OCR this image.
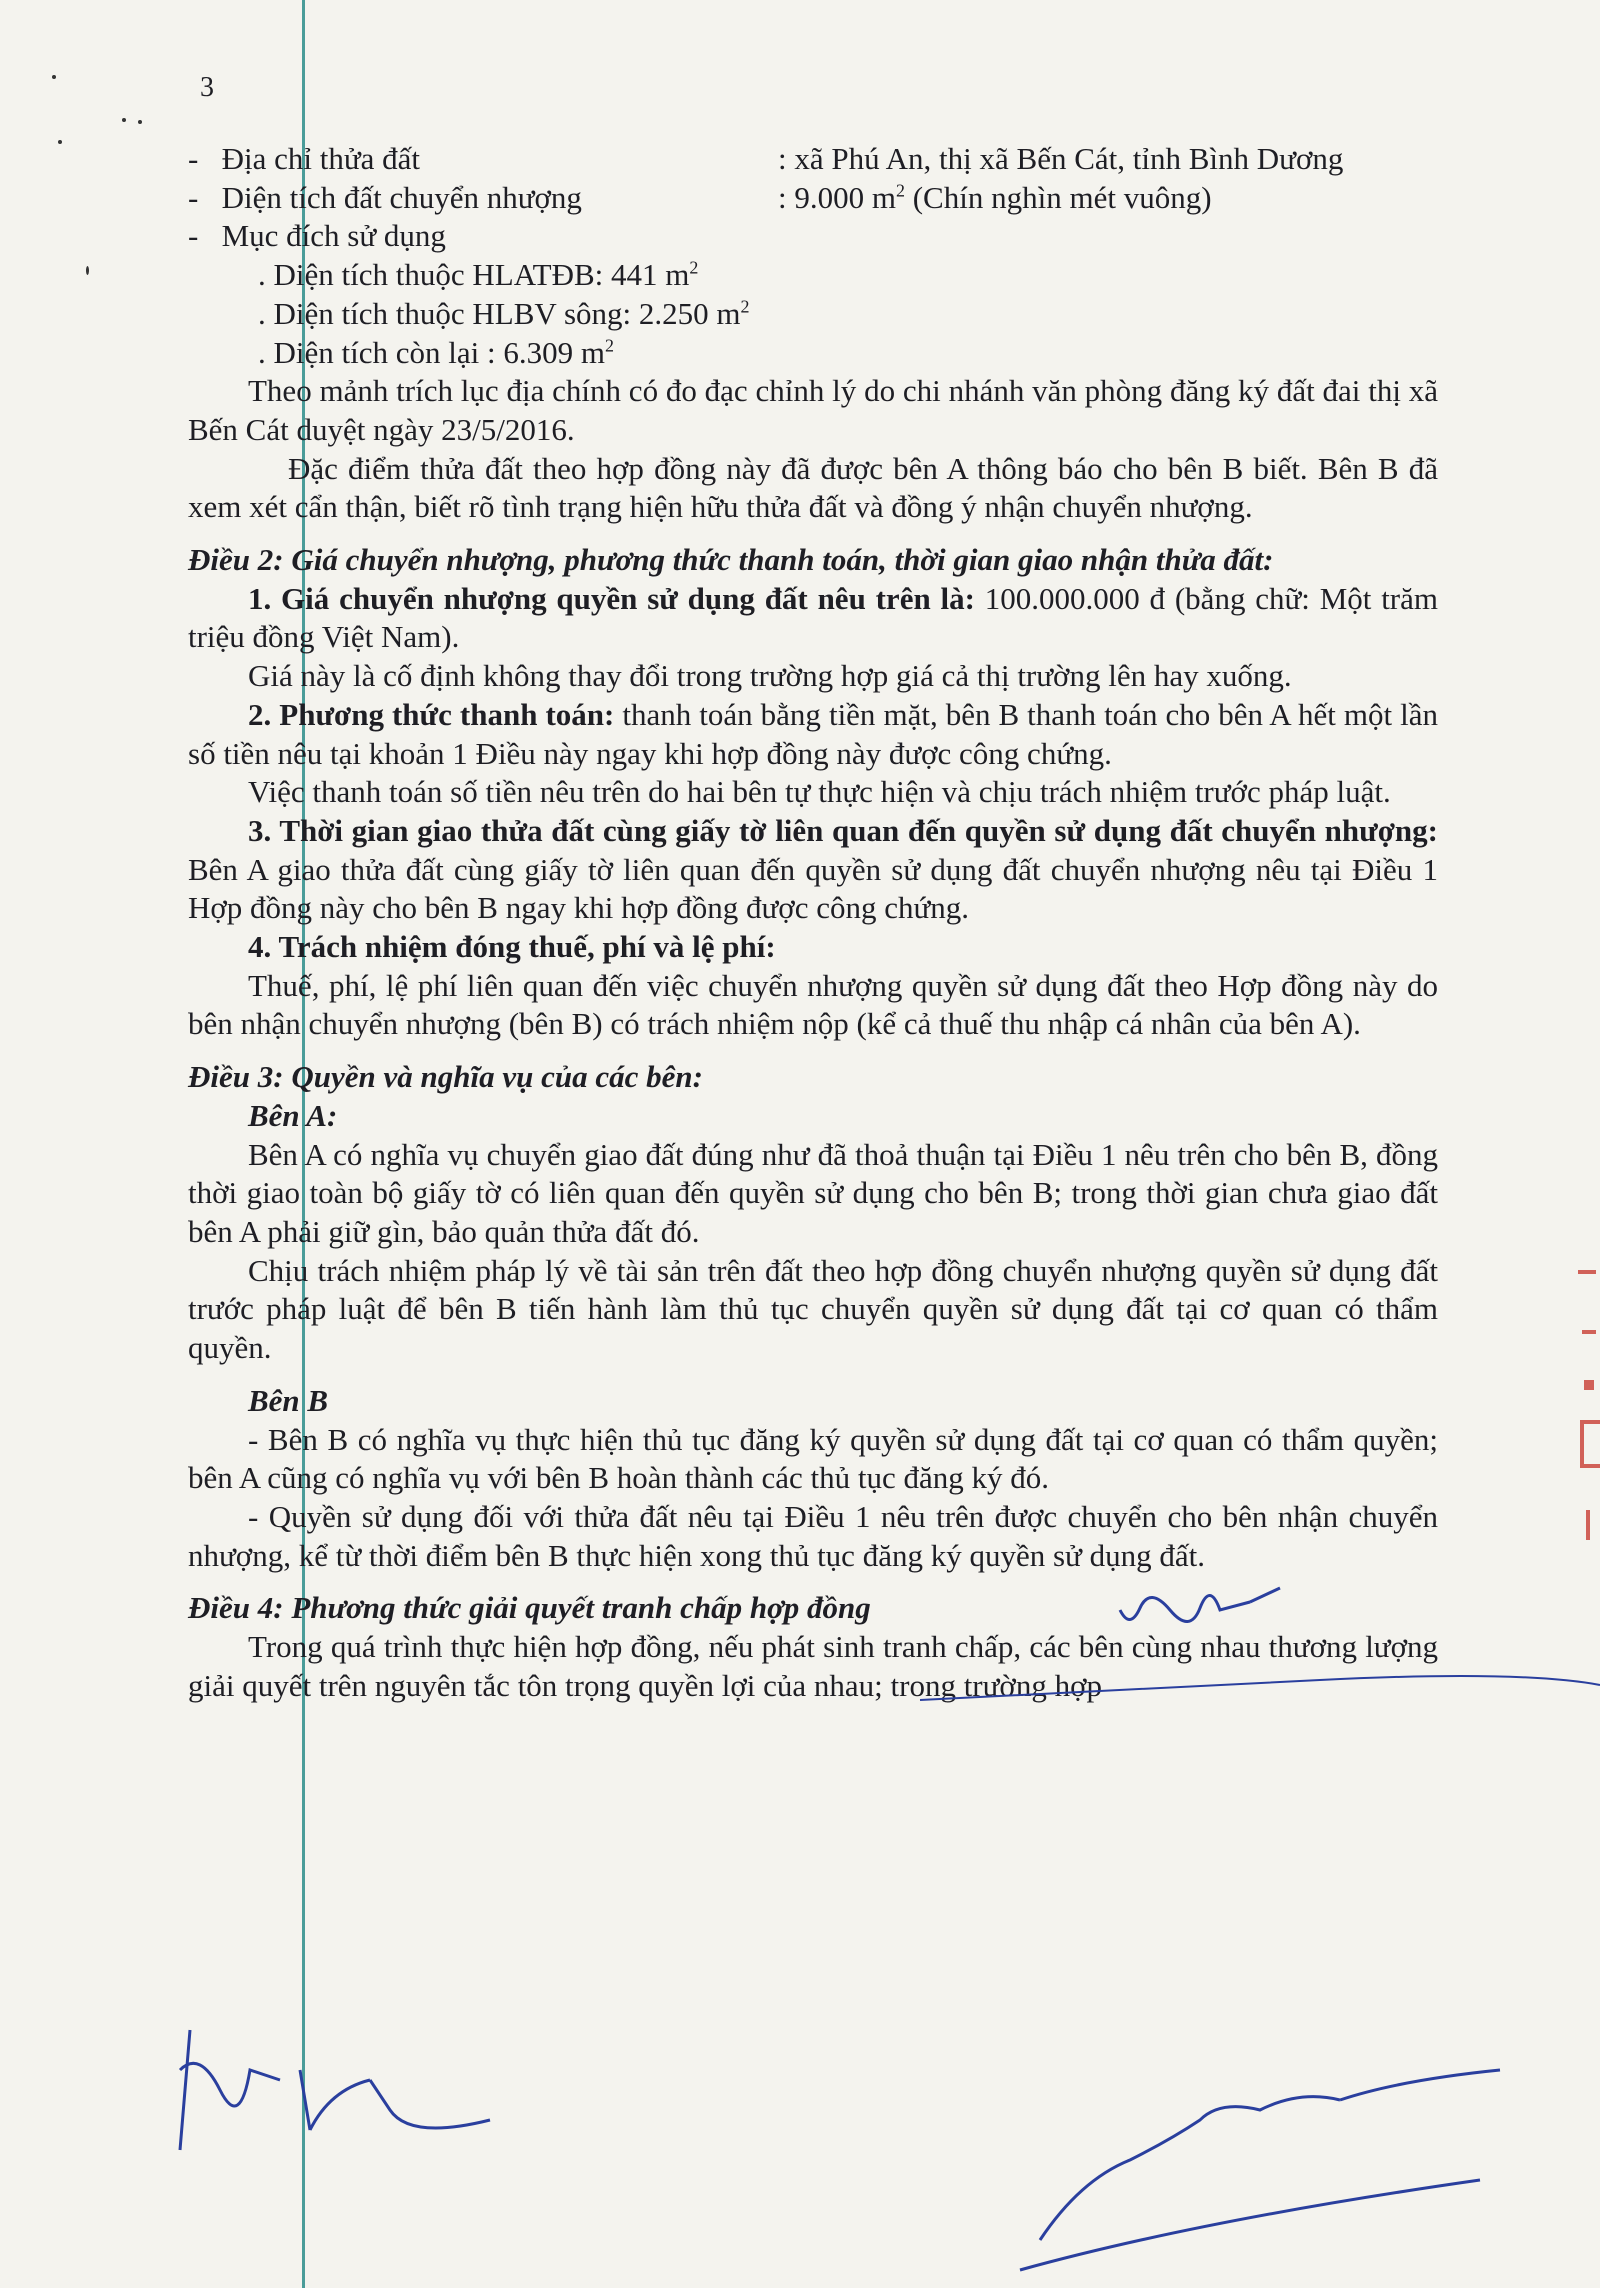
3
- Địa chỉ thửa đất	: xã Phú An, thị xã Bến Cát, tỉnh Bình Dương
- Diện tích đất chuyển nhượng	: 9.000 $m^2$ (Chín nghìn mét vuông)
- Mục đích sử dụng

. Diện tích thuộc HLATĐB: 441 $m^2$

. Diện tích thuộc HLBV sông: 2.250 $m^2$

. Diện tích còn lại : 6.309 $m^2$

Theo mảnh trích lục địa chính có đo đạc chỉnh lý do chi nhánh văn phòng đăng ký đất đai thị xã Bến Cát duyệt ngày 23/5/2016.

Đặc điểm thửa đất theo hợp đồng này đã được bên A thông báo cho bên B biết. Bên B đã xem xét cẩn thận, biết rõ tình trạng hiện hữu thửa đất và đồng ý nhận chuyển nhượng.

Điều 2: Giá chuyển nhượng, phương thức thanh toán, thời gian giao nhận thửa đất:

1. Giá chuyển nhượng quyền sử dụng đất nêu trên là: 100.000.000 đ (bằng chữ: Một trăm triệu đồng Việt Nam).

Giá này là cố định không thay đổi trong trường hợp giá cả thị trường lên hay xuống.

2. Phương thức thanh toán: thanh toán bằng tiền mặt, bên B thanh toán cho bên A hết một lần số tiền nêu tại khoản 1 Điều này ngay khi hợp đồng này được công chứng.

Việc thanh toán số tiền nêu trên do hai bên tự thực hiện và chịu trách nhiệm trước pháp luật.

3. Thời gian giao thửa đất cùng giấy tờ liên quan đến quyền sử dụng đất chuyển nhượng: Bên A giao thửa đất cùng giấy tờ liên quan đến quyền sử dụng đất chuyển nhượng nêu tại Điều 1 Hợp đồng này cho bên B ngay khi hợp đồng được công chứng.

4. Trách nhiệm đóng thuế, phí và lệ phí:

Thuế, phí, lệ phí liên quan đến việc chuyển nhượng quyền sử dụng đất theo Hợp đồng này do bên nhận chuyển nhượng (bên B) có trách nhiệm nộp (kể cả thuế thu nhập cá nhân của bên A).

Điều 3: Quyền và nghĩa vụ của các bên:

Bên A:

Bên A có nghĩa vụ chuyển giao đất đúng như đã thoả thuận tại Điều 1 nêu trên cho bên B, đồng thời giao toàn bộ giấy tờ có liên quan đến quyền sử dụng cho bên B; trong thời gian chưa giao đất bên A phải giữ gìn, bảo quản thửa đất đó.

Chịu trách nhiệm pháp lý về tài sản trên đất theo hợp đồng chuyển nhượng quyền sử dụng đất trước pháp luật để bên B tiến hành làm thủ tục chuyển quyền sử dụng đất tại cơ quan có thẩm quyền.

Bên B

- Bên B có nghĩa vụ thực hiện thủ tục đăng ký quyền sử dụng đất tại cơ quan có thẩm quyền; bên A cũng có nghĩa vụ với bên B hoàn thành các thủ tục đăng ký đó.

- Quyền sử dụng đối với thửa đất nêu tại Điều 1 nêu trên được chuyển cho bên nhận chuyển nhượng, kể từ thời điểm bên B thực hiện xong thủ tục đăng ký quyền sử dụng đất.

Điều 4: Phương thức giải quyết tranh chấp hợp đồng

Trong quá trình thực hiện hợp đồng, nếu phát sinh tranh chấp, các bên cùng nhau thương lượng giải quyết trên nguyên tắc tôn trọng quyền lợi của nhau; trong trường hợp
